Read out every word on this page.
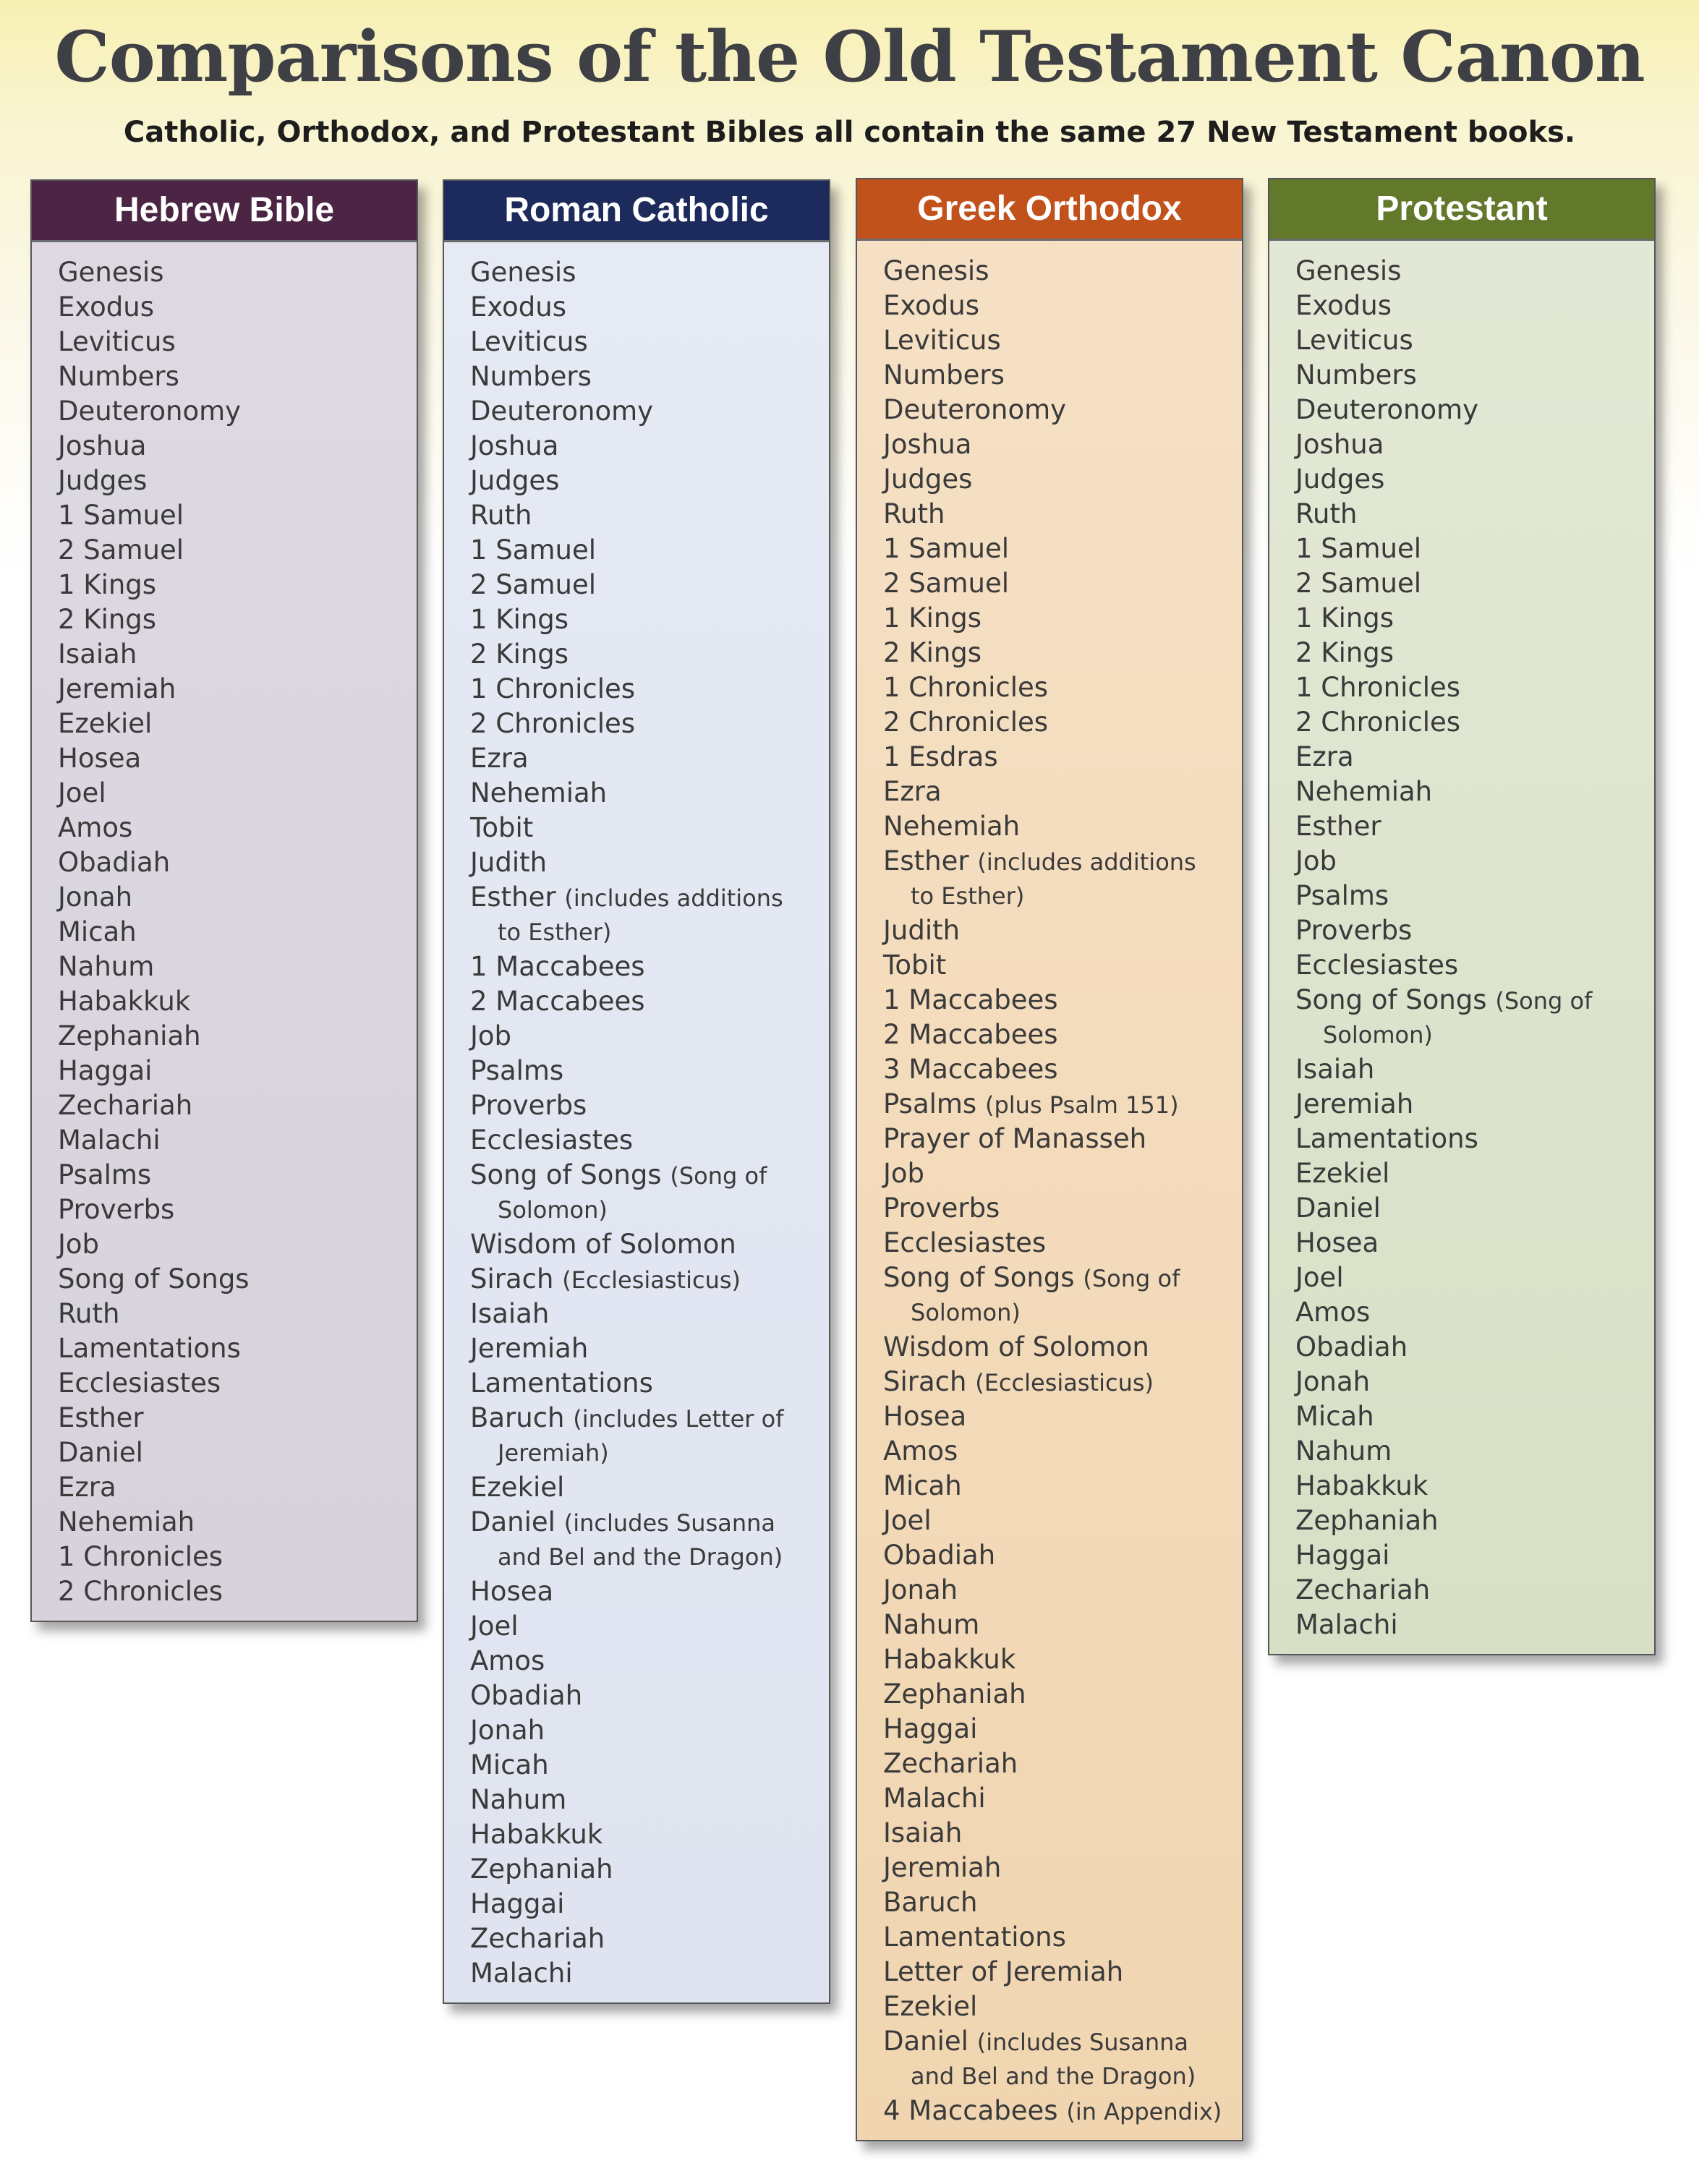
Comparisons of the Old Testament Canon

Catholic, Orthodox, and Protestant Bibles all contain the same 27 New Testament books.

Hebrew Bible
Genesis
Exodus
Leviticus
Numbers
Deuteronomy
Joshua
Judges
1 Samuel
2 Samuel
1 Kings
2 Kings
Isaiah
Jeremiah
Ezekiel
Hosea
Joel
Amos
Obadiah
Jonah
Micah
Nahum
Habakkuk
Zephaniah
Haggai
Zechariah
Malachi
Psalms
Proverbs
Job
Song of Songs
Ruth
Lamentations
Ecclesiastes
Esther
Daniel
Ezra
Nehemiah
1 Chronicles
2 Chronicles
Roman Catholic
Genesis
Exodus
Leviticus
Numbers
Deuteronomy
Joshua
Judges
Ruth
1 Samuel
2 Samuel
1 Kings
2 Kings
1 Chronicles
2 Chronicles
Ezra
Nehemiah
Tobit
Judith
Esther (includes additions
to Esther)
1 Maccabees
2 Maccabees
Job
Psalms
Proverbs
Ecclesiastes
Song of Songs (Song of
Solomon)
Wisdom of Solomon
Sirach (Ecclesiasticus)
Isaiah
Jeremiah
Lamentations
Baruch (includes Letter of
Jeremiah)
Ezekiel
Daniel (includes Susanna
and Bel and the Dragon)
Hosea
Joel
Amos
Obadiah
Jonah
Micah
Nahum
Habakkuk
Zephaniah
Haggai
Zechariah
Malachi
Greek Orthodox
Genesis
Exodus
Leviticus
Numbers
Deuteronomy
Joshua
Judges
Ruth
1 Samuel
2 Samuel
1 Kings
2 Kings
1 Chronicles
2 Chronicles
1 Esdras
Ezra
Nehemiah
Esther (includes additions
to Esther)
Judith
Tobit
1 Maccabees
2 Maccabees
3 Maccabees
Psalms (plus Psalm 151)
Prayer of Manasseh
Job
Proverbs
Ecclesiastes
Song of Songs (Song of
Solomon)
Wisdom of Solomon
Sirach (Ecclesiasticus)
Hosea
Amos
Micah
Joel
Obadiah
Jonah
Nahum
Habakkuk
Zephaniah
Haggai
Zechariah
Malachi
Isaiah
Jeremiah
Baruch
Lamentations
Letter of Jeremiah
Ezekiel
Daniel (includes Susanna
and Bel and the Dragon)
4 Maccabees (in Appendix)
Protestant
Genesis
Exodus
Leviticus
Numbers
Deuteronomy
Joshua
Judges
Ruth
1 Samuel
2 Samuel
1 Kings
2 Kings
1 Chronicles
2 Chronicles
Ezra
Nehemiah
Esther
Job
Psalms
Proverbs
Ecclesiastes
Song of Songs (Song of
Solomon)
Isaiah
Jeremiah
Lamentations
Ezekiel
Daniel
Hosea
Joel
Amos
Obadiah
Jonah
Micah
Nahum
Habakkuk
Zephaniah
Haggai
Zechariah
Malachi
